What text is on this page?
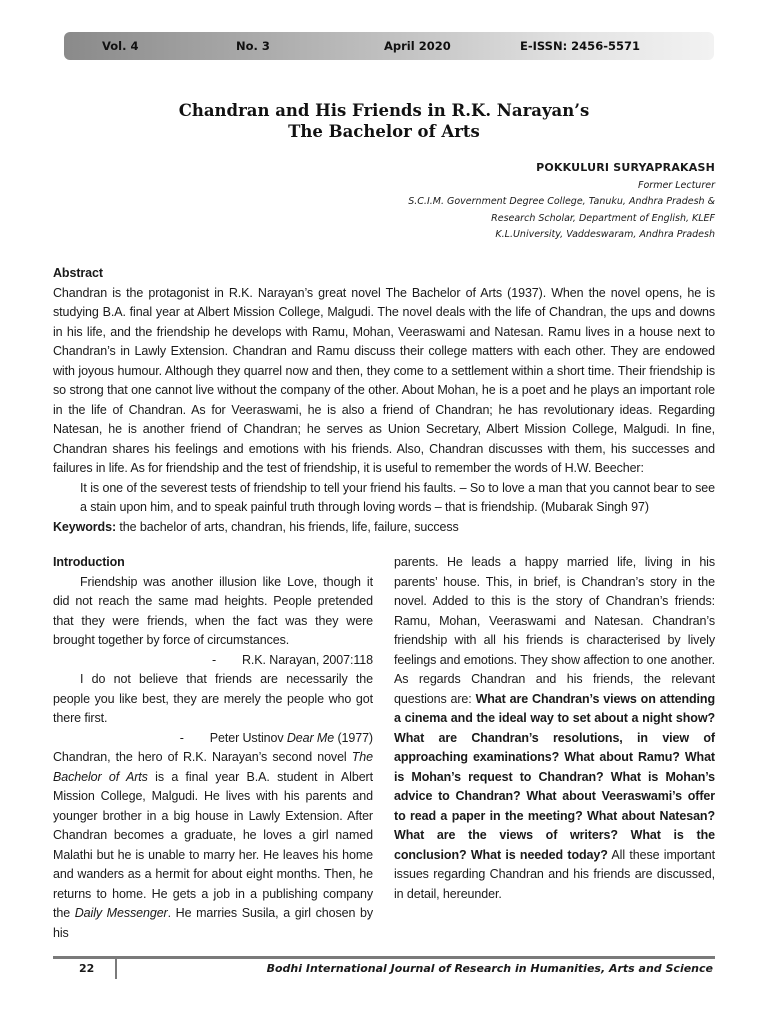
Vol. 4	No. 3	April 2020	E-ISSN: 2456-5571
Chandran and His Friends in R.K. Narayan’s
The Bachelor of Arts
POKKULURI SURYAPRAKASH
Former Lecturer
S.C.I.M. Government Degree College, Tanuku, Andhra Pradesh &
Research Scholar, Department of English, KLEF
K.L.University, Vaddeswaram, Andhra Pradesh

Abstract

Chandran is the protagonist in R.K. Narayan’s great novel The Bachelor of Arts (1937). When the novel opens, he is studying B.A. final year at Albert Mission College, Malgudi. The novel deals with the life of Chandran, the ups and downs in his life, and the friendship he develops with Ramu, Mohan, Veeraswami and Natesan. Ramu lives in a house next to Chandran’s in Lawly Extension. Chandran and Ramu discuss their college matters with each other. They are endowed with joyous humour. Although they quarrel now and then, they come to a settlement within a short time. Their friendship is so strong that one cannot live without the company of the other. About Mohan, he is a poet and he plays an important role in the life of Chandran. As for Veeraswami, he is also a friend of Chandran; he has revolutionary ideas. Regarding Natesan, he is another friend of Chandran; he serves as Union Secretary, Albert Mission College, Malgudi. In fine, Chandran shares his feelings and emotions with his friends. Also, Chandran discusses with them, his successes and failures in life. As for friendship and the test of friendship, it is useful to remember the words of H.W. Beecher:

It is one of the severest tests of friendship to tell your friend his faults. – So to love a man that you cannot bear to see a stain upon him, and to speak painful truth through loving words – that is friendship. (Mubarak Singh 97)

Keywords: the bachelor of arts, chandran, his friends, life, failure, success

Introduction

Friendship was another illusion like Love, though it did not reach the same mad heights. People pretended that they were friends, when the fact was they were brought together by force of circumstances.

- R.K. Narayan, 2007:118

I do not believe that friends are necessarily the people you like best, they are merely the people who got there first.

- Peter Ustinov Dear Me (1977)

Chandran, the hero of R.K. Narayan’s second novel The Bachelor of Arts is a final year B.A. student in Albert Mission College, Malgudi. He lives with his parents and younger brother in a big house in Lawly Extension. After Chandran becomes a graduate, he loves a girl named Malathi but he is unable to marry her. He leaves his home and wanders as a hermit for about eight months. Then, he returns to home. He gets a job in a publishing company the Daily Messenger. He marries Susila, a girl chosen by his

parents. He leads a happy married life, living in his parents’ house. This, in brief, is Chandran’s story in the novel. Added to this is the story of Chandran’s friends: Ramu, Mohan, Veeraswami and Natesan. Chandran’s friendship with all his friends is characterised by lively feelings and emotions. They show affection to one another. As regards Chandran and his friends, the relevant questions are: What are Chandran’s views on attending a cinema and the ideal way to set about a night show? What are Chandran’s resolutions, in view of approaching examinations? What about Ramu? What is Mohan’s request to Chandran? What is Mohan’s advice to Chandran? What about Veeraswami’s offer to read a paper in the meeting? What about Natesan? What are the views of writers? What is the conclusion? What is needed today? All these important issues regarding Chandran and his friends are discussed, in detail, hereunder.

22	Bodhi International Journal of Research in Humanities, Arts and Science
